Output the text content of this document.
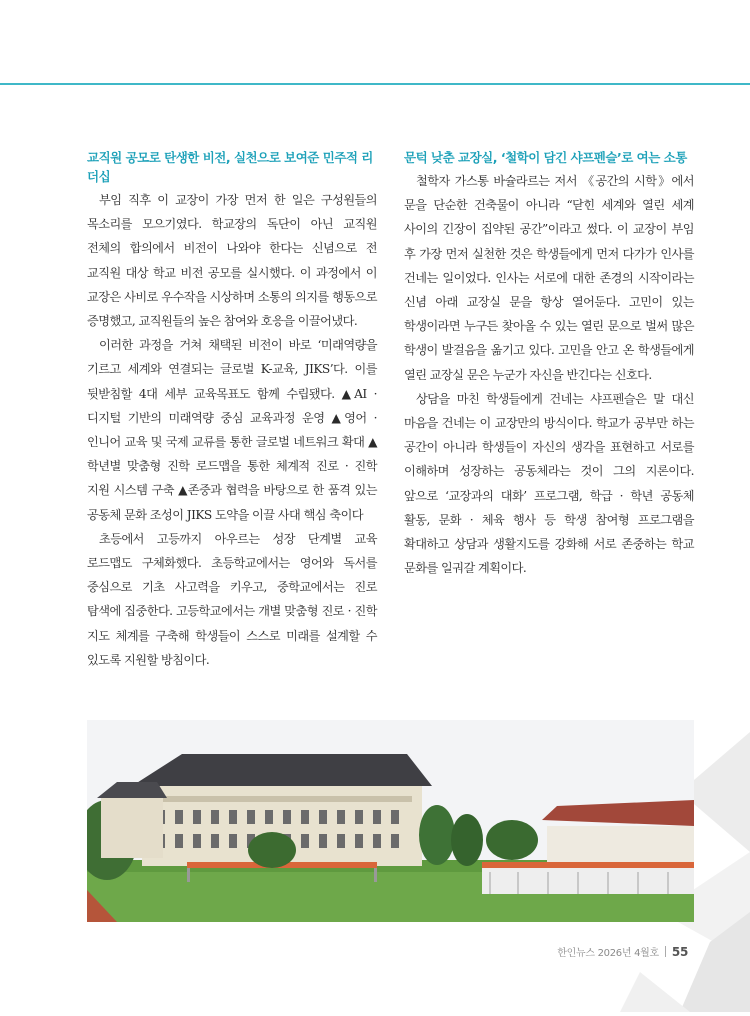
교직원 공모로 탄생한 비전, 실천으로 보여준 민주적 리더십

부임 직후 이 교장이 가장 먼저 한 일은 구성원들의 목소리를 모으기였다. 학교장의 독단이 아닌 교직원 전체의 합의에서 비전이 나와야 한다는 신념으로 전 교직원 대상 학교 비전 공모를 실시했다. 이 과정에서 이 교장은 사비로 우수작을 시상하며 소통의 의지를 행동으로 증명했고, 교직원들의 높은 참여와 호응을 이끌어냈다.

이러한 과정을 거쳐 채택된 비전이 바로 ‘미래역량을 기르고 세계와 연결되는 글로벌 K-교육, JIKS’다. 이를 뒷받침할 4대 세부 교육목표도 함께 수립됐다. ▲AI · 디지털 기반의 미래역량 중심 교육과정 운영 ▲영어 · 인니어 교육 및 국제 교류를 통한 글로벌 네트워크 확대 ▲학년별 맞춤형 진학 로드맵을 통한 체계적 진로 · 진학 지원 시스템 구축 ▲존중과 협력을 바탕으로 한 품격 있는 공동체 문화 조성이 JIKS 도약을 이끌 사대 핵심 축이다

초등에서 고등까지 아우르는 성장 단계별 교육 로드맵도 구체화했다. 초등학교에서는 영어와 독서를 중심으로 기초 사고력을 키우고, 중학교에서는 진로 탐색에 집중한다. 고등학교에서는 개별 맞춤형 진로 · 진학 지도 체계를 구축해 학생들이 스스로 미래를 설계할 수 있도록 지원할 방침이다.

문턱 낮춘 교장실, ‘철학이 담긴 샤프펜슬’로 여는 소통

철학자 가스통 바슐라르는 저서 《공간의 시학》에서 문을 단순한 건축물이 아니라 “닫힌 세계와 열린 세계 사이의 긴장이 집약된 공간”이라고 썼다. 이 교장이 부임 후 가장 먼저 실천한 것은 학생들에게 먼저 다가가 인사를 건네는 일이었다. 인사는 서로에 대한 존경의 시작이라는 신념 아래 교장실 문을 항상 열어둔다. 고민이 있는 학생이라면 누구든 찾아올 수 있는 열린 문으로 벌써 많은 학생이 발걸음을 옮기고 있다. 고민을 안고 온 학생들에게 열린 교장실 문은 누군가 자신을 반긴다는 신호다.

상담을 마친 학생들에게 건네는 샤프펜슬은 말 대신 마음을 건네는 이 교장만의 방식이다. 학교가 공부만 하는 공간이 아니라 학생들이 자신의 생각을 표현하고 서로를 이해하며 성장하는 공동체라는 것이 그의 지론이다. 앞으로 ‘교장과의 대화’ 프로그램, 학급 · 학년 공동체 활동, 문화 · 체육 행사 등 학생 참여형 프로그램을 확대하고 상담과 생활지도를 강화해 서로 존중하는 학교 문화를 일궈갈 계획이다.

한인뉴스 2026년 4월호 55
